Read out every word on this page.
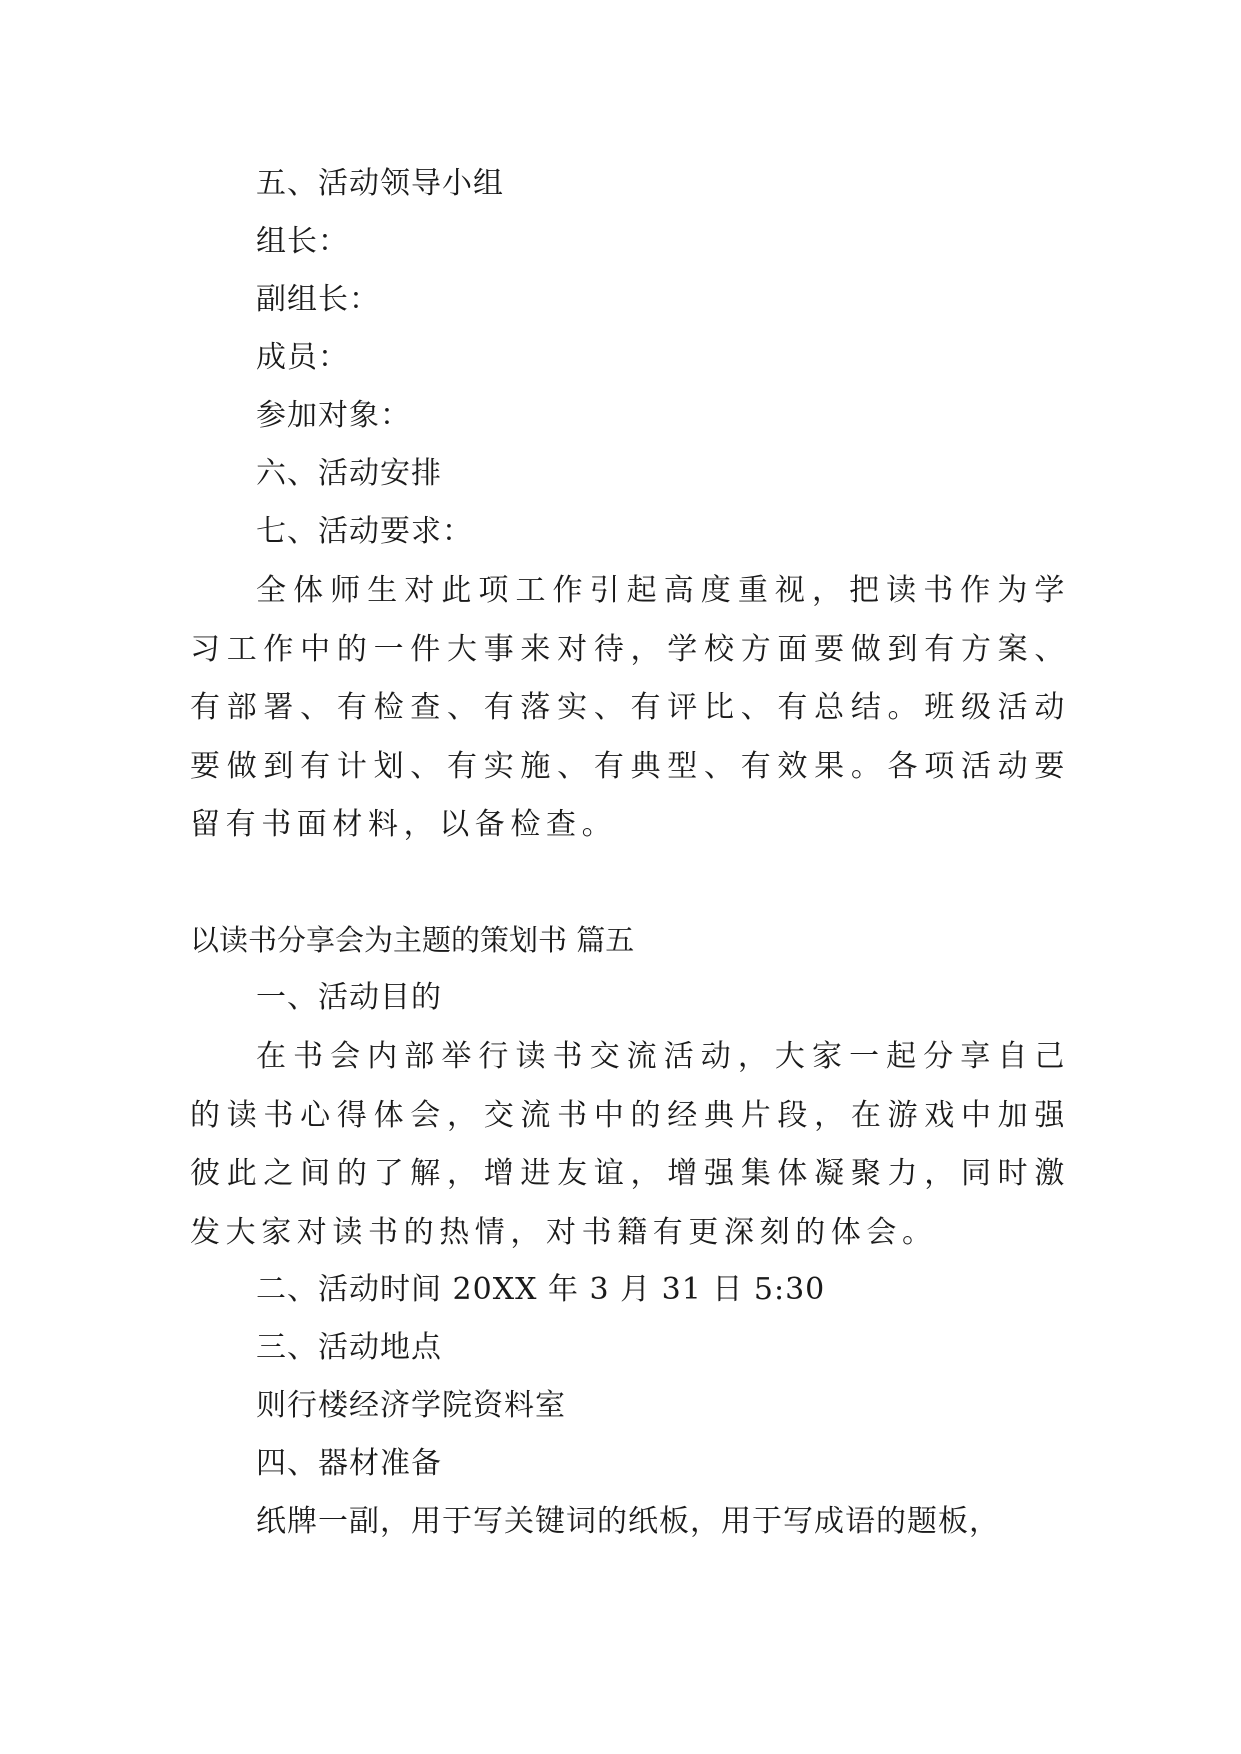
五、活动领导小组
组长：
副组长：
成员：
参加对象：
六、活动安排
七、活动要求：
全体师生对此项工作引起高度重视，把读书作为学习工作中的一件大事来对待，学校方面要做到有方案、有部署、有检查、有落实、有评比、有总结。班级活动要做到有计划、有实施、有典型、有效果。各项活动要留有书面材料，以备检查。
以读书分享会为主题的策划书 篇五
一、活动目的
在书会内部举行读书交流活动，大家一起分享自己的读书心得体会，交流书中的经典片段，在游戏中加强彼此之间的了解，增进友谊，增强集体凝聚力，同时激发大家对读书的热情，对书籍有更深刻的体会。
二、活动时间 20XX 年 3 月 31 日 5:30
三、活动地点
则行楼经济学院资料室
四、器材准备
纸牌一副，用于写关键词的纸板，用于写成语的题板，
